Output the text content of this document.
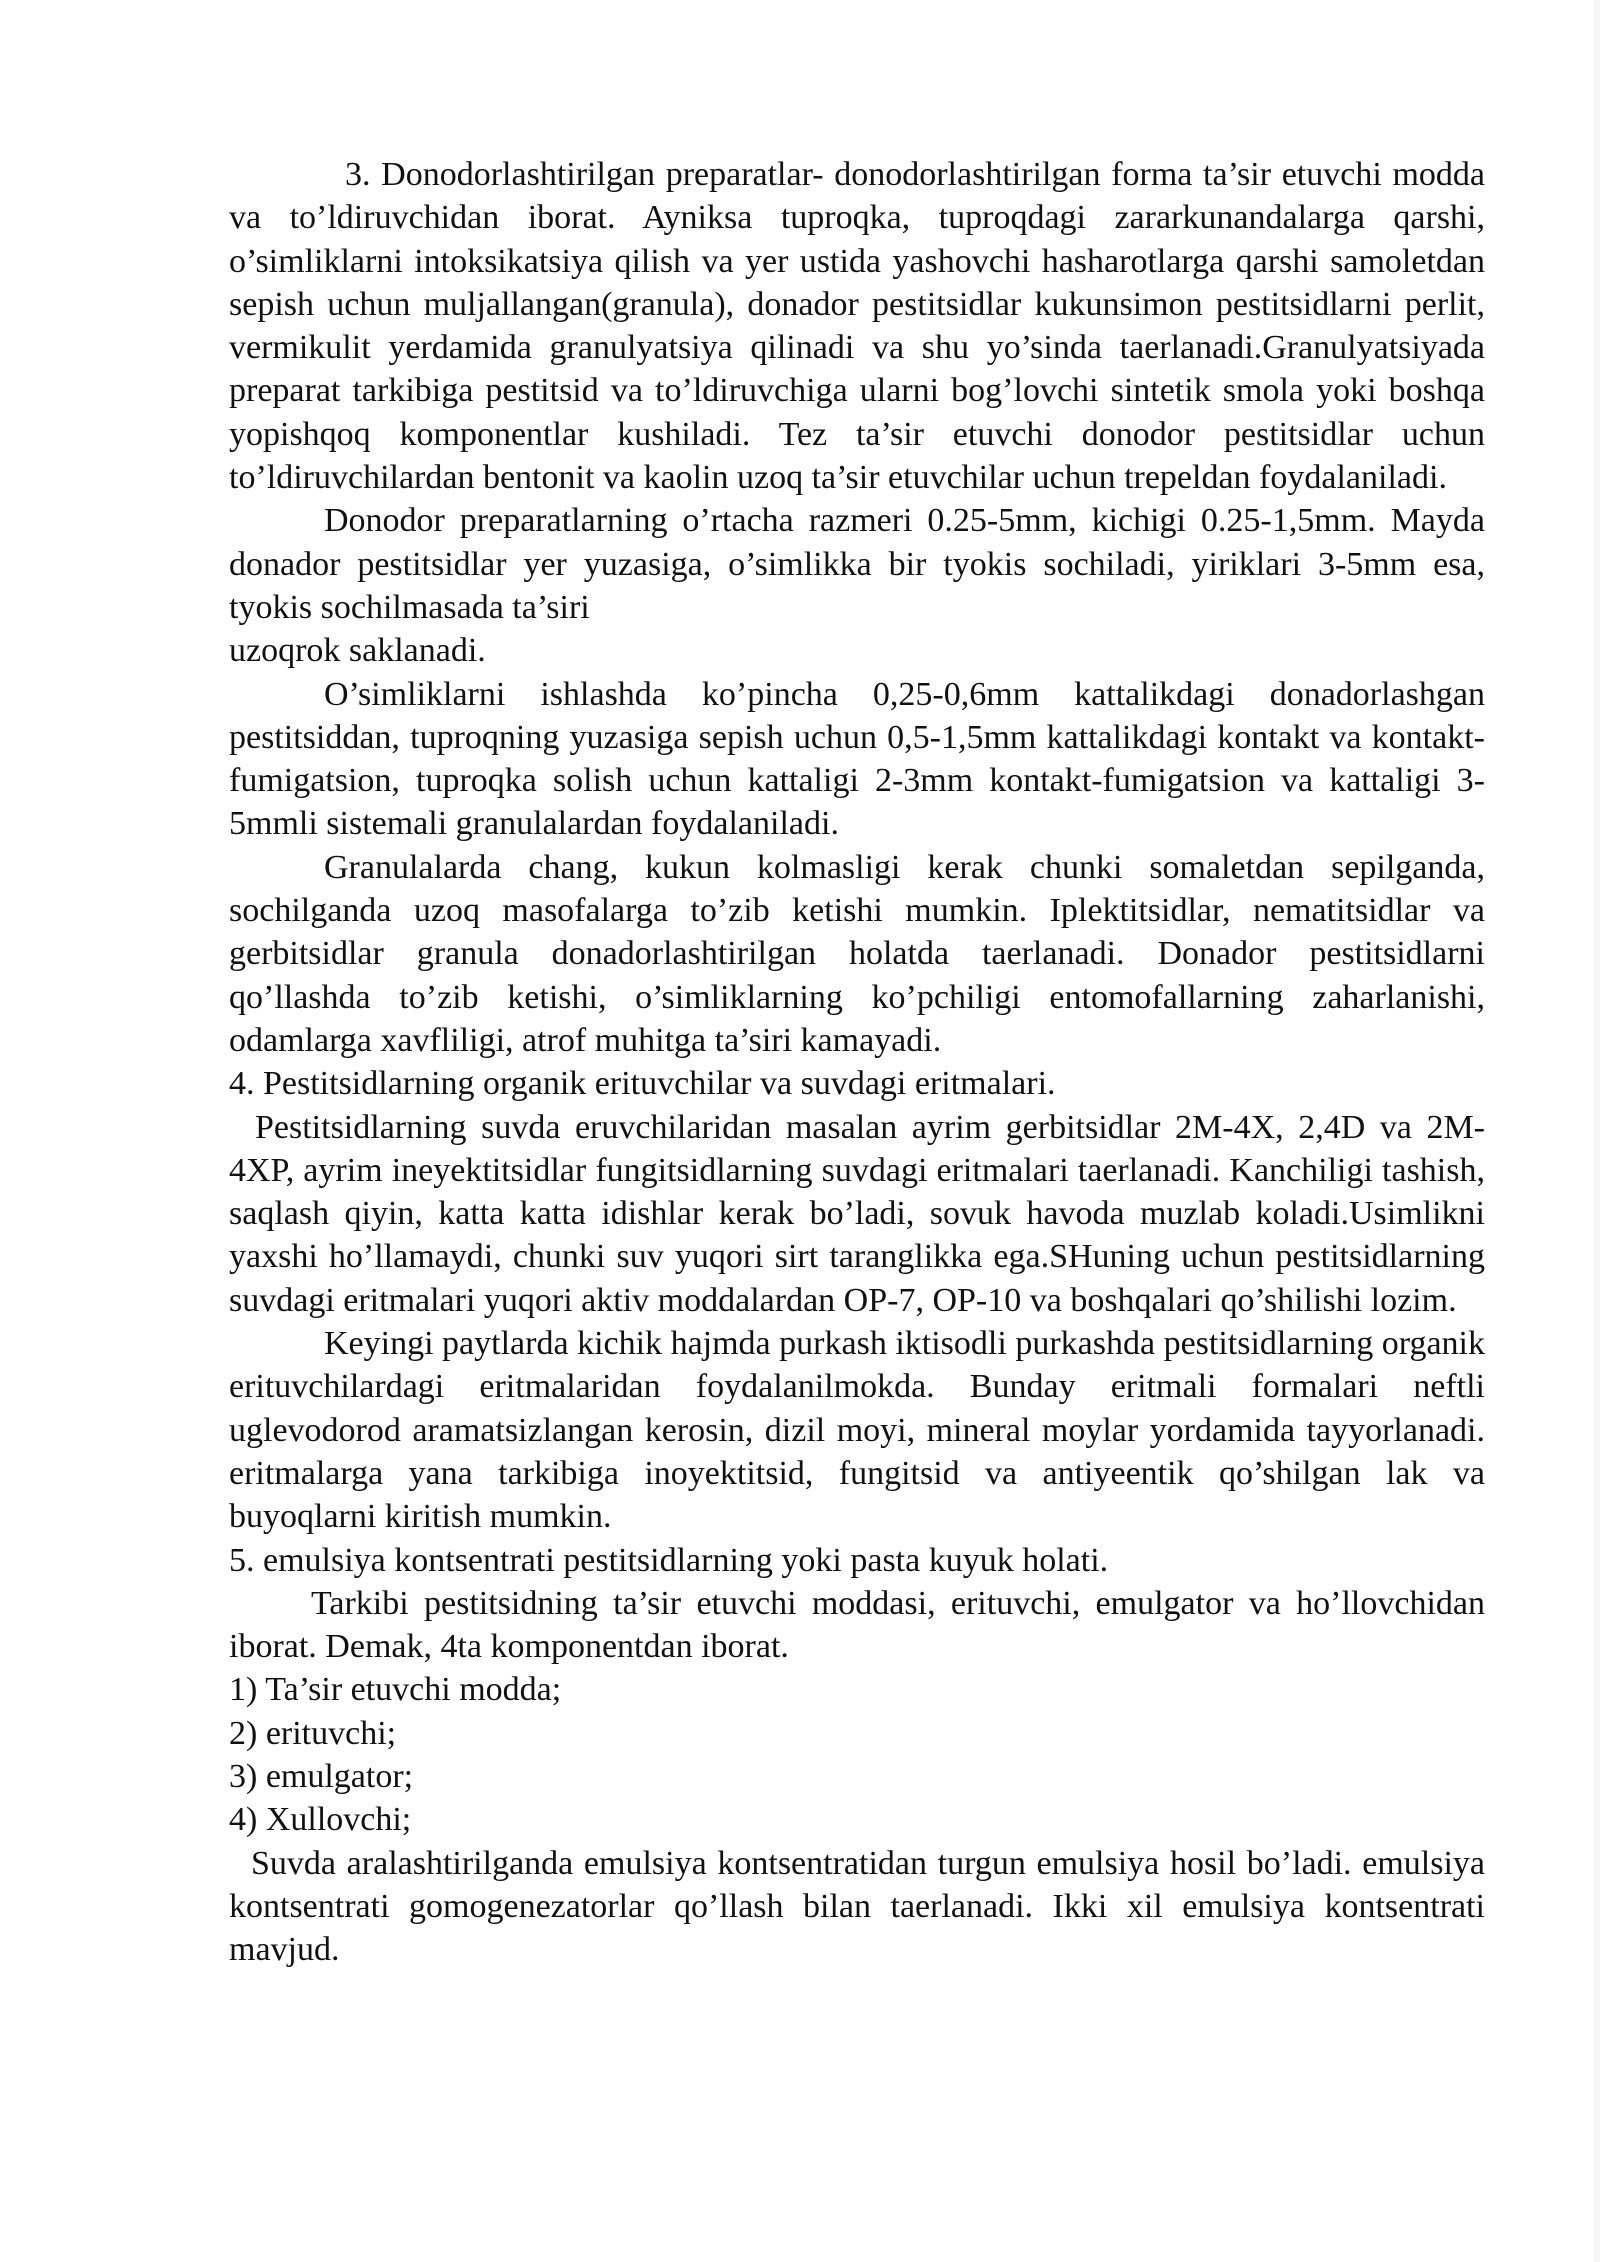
3. Donodorlashtirilgan preparatlar- donodorlashtirilgan forma ta’sir etuvchi modda va to’ldiruvchidan iborat. Ayniksa tuproqka, tuproqdagi zararkunandalarga qarshi, o’simliklarni intoksikatsiya qilish va yer ustida yashovchi hasharotlarga qarshi samoletdan sepish uchun muljallangan(granula), donador pestitsidlar kukunsimon pestitsidlarni perlit, vermikulit yerdamida granulyatsiya qilinadi va shu yo’sinda taerlanadi.Granulyatsiyada preparat tarkibiga pestitsid va to’ldiruvchiga ularni bog’lovchi sintetik smola yoki boshqa yopishqoq komponentlar kushiladi. Tez ta’sir etuvchi donodor pestitsidlar uchun to’ldiruvchilardan bentonit va kaolin uzoq ta’sir etuvchilar uchun trepeldan foydalaniladi.

Donodor preparatlarning o’rtacha razmeri 0.25-5mm, kichigi 0.25-1,5mm. Mayda donador pestitsidlar yer yuzasiga, o’simlikka bir tyokis sochiladi, yiriklari 3-5mm esa, tyokis sochilmasada ta’siri

uzoqrok saklanadi.

O’simliklarni ishlashda ko’pincha 0,25-0,6mm kattalikdagi donadorlashgan pestitsiddan, tuproqning yuzasiga sepish uchun 0,5-1,5mm kattalikdagi kontakt va kontakt-fumigatsion, tuproqka solish uchun kattaligi 2-3mm kontakt-fumigatsion va kattaligi 3-5mmli sistemali granulalardan foydalaniladi.

Granulalarda chang, kukun kolmasligi kerak chunki somaletdan sepilganda, sochilganda uzoq masofalarga to’zib ketishi mumkin. Iplektitsidlar, nematitsidlar va gerbitsidlar granula donadorlashtirilgan holatda taerlanadi. Donador pestitsidlarni qo’llashda to’zib ketishi, o’simliklarning ko’pchiligi entomofallarning zaharlanishi, odamlarga xavfliligi, atrof muhitga ta’siri kamayadi.

4. Pestitsidlarning organik erituvchilar va suvdagi eritmalari.

Pestitsidlarning suvda eruvchilaridan masalan ayrim gerbitsidlar 2M-4X, 2,4D va 2M-4XP, ayrim ineyektitsidlar fungitsidlarning suvdagi eritmalari taerlanadi. Kanchiligi tashish, saqlash qiyin, katta katta idishlar kerak bo’ladi, sovuk havoda muzlab koladi.Usimlikni yaxshi ho’llamaydi, chunki suv yuqori sirt taranglikka ega.SHuning uchun pestitsidlarning suvdagi eritmalari yuqori aktiv moddalardan OP-7, OP-10 va boshqalari qo’shilishi lozim.

Keyingi paytlarda kichik hajmda purkash iktisodli purkashda pestitsidlarning organik erituvchilardagi eritmalaridan foydalanilmokda. Bunday eritmali formalari neftli uglevodorod aramatsizlangan kerosin, dizil moyi, mineral moylar yordamida tayyorlanadi. eritmalarga yana tarkibiga inoyektitsid, fungitsid va antiyeentik qo’shilgan lak va buyoqlarni kiritish mumkin.

5. emulsiya kontsentrati pestitsidlarning yoki pasta kuyuk holati.

Tarkibi pestitsidning ta’sir etuvchi moddasi, erituvchi, emulgator va ho’llovchidan iborat. Demak, 4ta komponentdan iborat.

1) Ta’sir etuvchi modda;

2) erituvchi;

3) emulgator;

4) Xullovchi;

Suvda aralashtirilganda emulsiya kontsentratidan turgun emulsiya hosil bo’ladi. emulsiya kontsentrati gomogenezatorlar qo’llash bilan taerlanadi. Ikki xil emulsiya kontsentrati mavjud.
